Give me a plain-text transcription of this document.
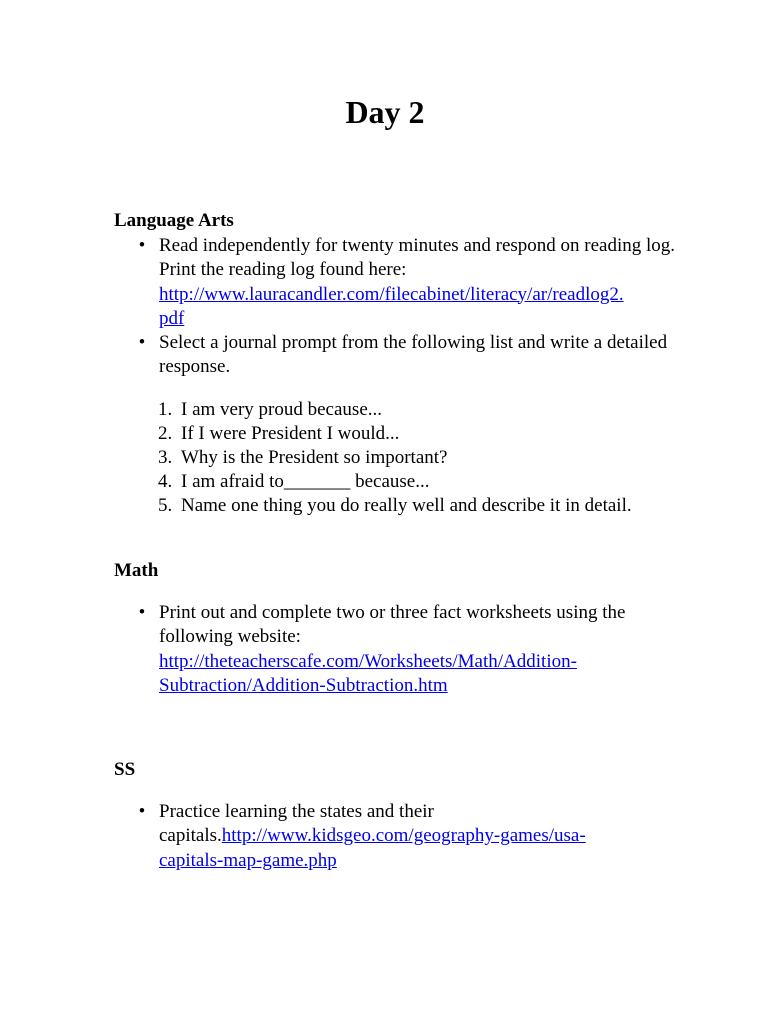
Day 2
Language Arts
• Read independently for twenty minutes and respond on reading log. Print the reading log found here:
http://www.lauracandler.com/filecabinet/literacy/ar/readlog2.
pdf
• Select a journal prompt from the following list and write a detailed response.
1. I am very proud because...
2. If I were President I would...
3. Why is the President so important?
4. I am afraid to_______ because...
5. Name one thing you do really well and describe it in detail.
Math
• Print out and complete two or three fact worksheets using the following website:
http://theteacherscafe.com/Worksheets/Math/Addition-
Subtraction/Addition-Subtraction.htm
SS
• Practice learning the states and their
capitals.http://www.kidsgeo.com/geography-games/usa-
capitals-map-game.php
